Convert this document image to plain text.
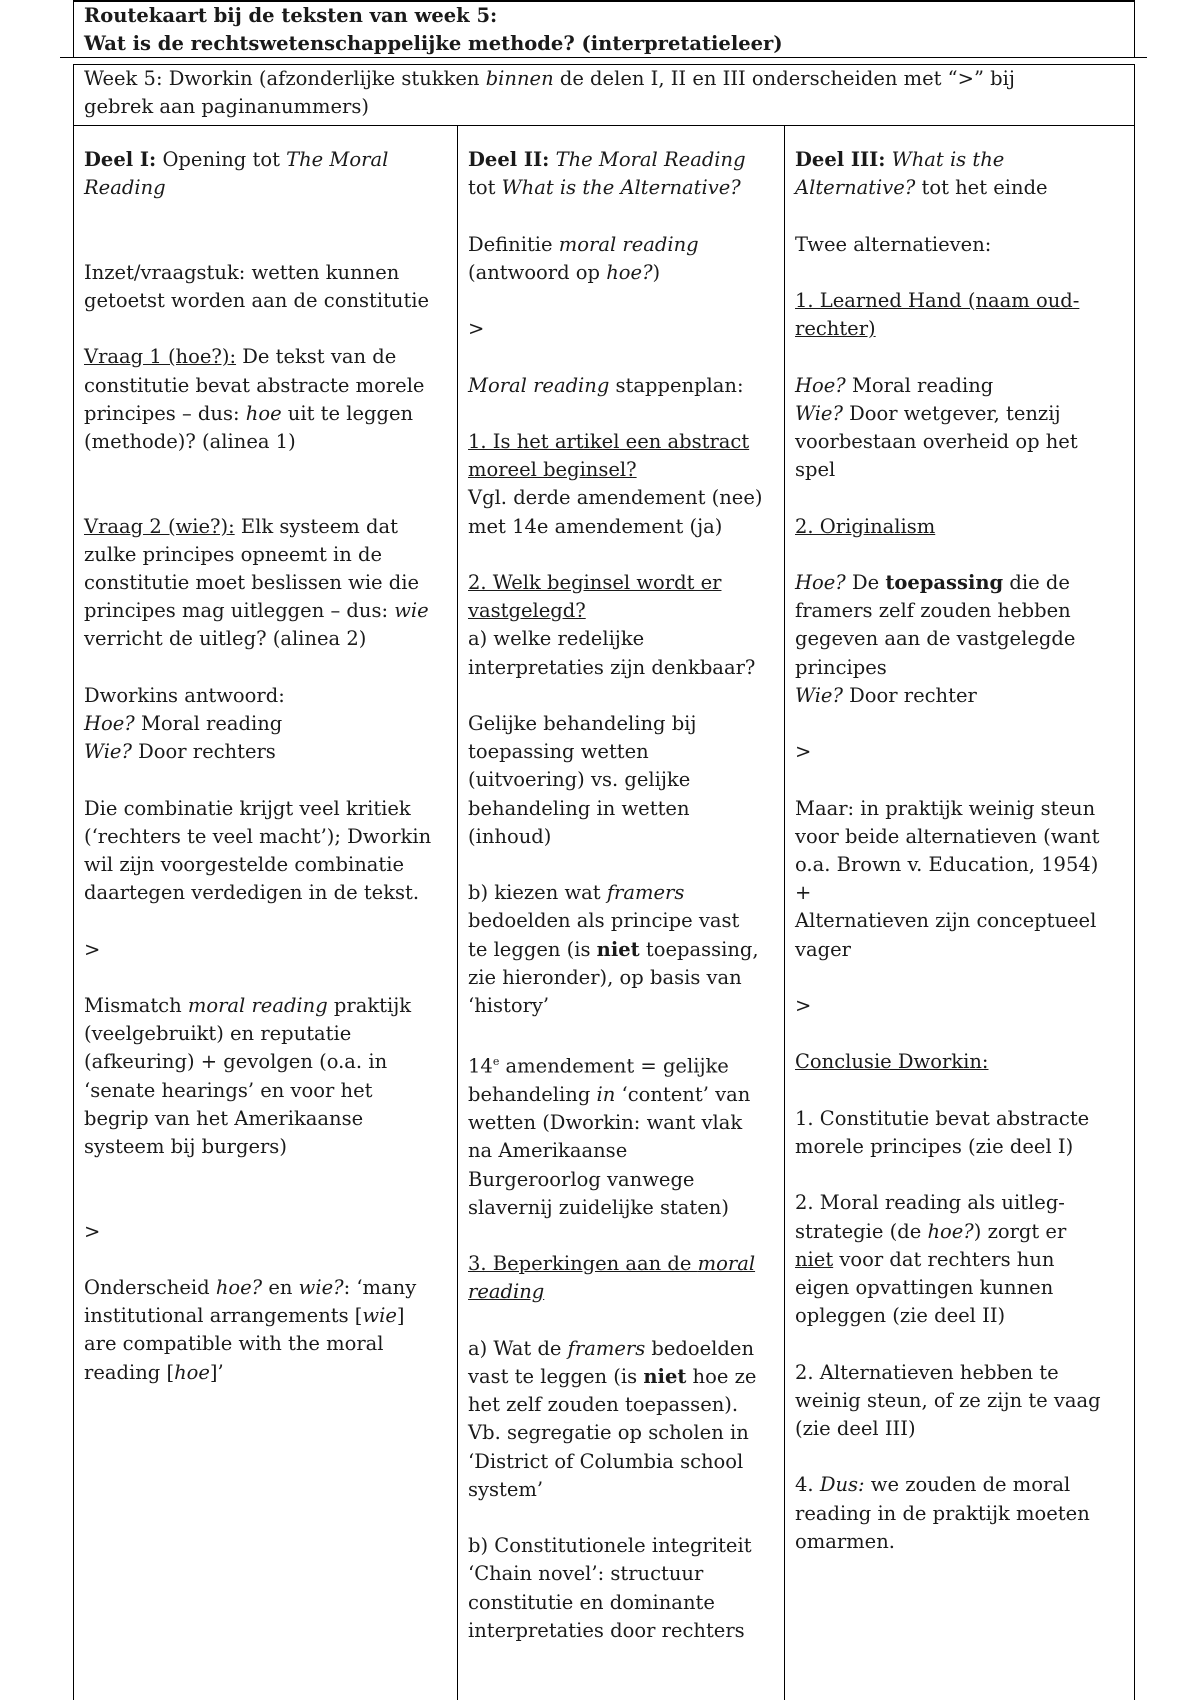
Routekaart bij de teksten van week 5:
Wat is de rechtswetenschappelijke methode? (interpretatieleer)
Week 5: Dworkin (afzonderlijke stukken binnen de delen I, II en III onderscheiden met “>” bij
gebrek aan paginanummers)
Deel I: Opening tot The Moral
Reading
Inzet/vraagstuk: wetten kunnen
getoetst worden aan de constitutie
Vraag 1 (hoe?): De tekst van de
constitutie bevat abstracte morele
principes – dus: hoe uit te leggen
(methode)? (alinea 1)
Vraag 2 (wie?): Elk systeem dat
zulke principes opneemt in de
constitutie moet beslissen wie die
principes mag uitleggen – dus: wie
verricht de uitleg? (alinea 2)
Dworkins antwoord:
Hoe? Moral reading
Wie? Door rechters
Die combinatie krijgt veel kritiek
(‘rechters te veel macht’); Dworkin
wil zijn voorgestelde combinatie
daartegen verdedigen in de tekst.
>
Mismatch moral reading praktijk
(veelgebruikt) en reputatie
(afkeuring) + gevolgen (o.a. in
‘senate hearings’ en voor het
begrip van het Amerikaanse
systeem bij burgers)
>
Onderscheid hoe? en wie?: ‘many
institutional arrangements [wie]
are compatible with the moral
reading [hoe]’
Deel II: The Moral Reading
tot What is the Alternative?
Definitie moral reading
(antwoord op hoe?)
>
Moral reading stappenplan:
1. Is het artikel een abstract
moreel beginsel?
Vgl. derde amendement (nee)
met 14e amendement (ja)
2. Welk beginsel wordt er
vastgelegd?
a) welke redelijke
interpretaties zijn denkbaar?
Gelijke behandeling bij
toepassing wetten
(uitvoering) vs. gelijke
behandeling in wetten
(inhoud)
b) kiezen wat framers
bedoelden als principe vast
te leggen (is niet toepassing,
zie hieronder), op basis van
‘history’
14e amendement = gelijke
behandeling in ‘content’ van
wetten (Dworkin: want vlak
na Amerikaanse
Burgeroorlog vanwege
slavernij zuidelijke staten)
3. Beperkingen aan de moral
reading
a) Wat de framers bedoelden
vast te leggen (is niet hoe ze
het zelf zouden toepassen).
Vb. segregatie op scholen in
‘District of Columbia school
system’
b) Constitutionele integriteit
‘Chain novel’: structuur
constitutie en dominante
interpretaties door rechters
Deel III: What is the
Alternative? tot het einde
Twee alternatieven:
1. Learned Hand (naam oud-
rechter)
Hoe? Moral reading
Wie? Door wetgever, tenzij
voorbestaan overheid op het
spel
2. Originalism
Hoe? De toepassing die de
framers zelf zouden hebben
gegeven aan de vastgelegde
principes
Wie? Door rechter
>
Maar: in praktijk weinig steun
voor beide alternatieven (want
o.a. Brown v. Education, 1954)
+
Alternatieven zijn conceptueel
vager
>
Conclusie Dworkin:
1. Constitutie bevat abstracte
morele principes (zie deel I)
2. Moral reading als uitleg-
strategie (de hoe?) zorgt er
niet voor dat rechters hun
eigen opvattingen kunnen
opleggen (zie deel II)
2. Alternatieven hebben te
weinig steun, of ze zijn te vaag
(zie deel III)
4. Dus: we zouden de moral
reading in de praktijk moeten
omarmen.
